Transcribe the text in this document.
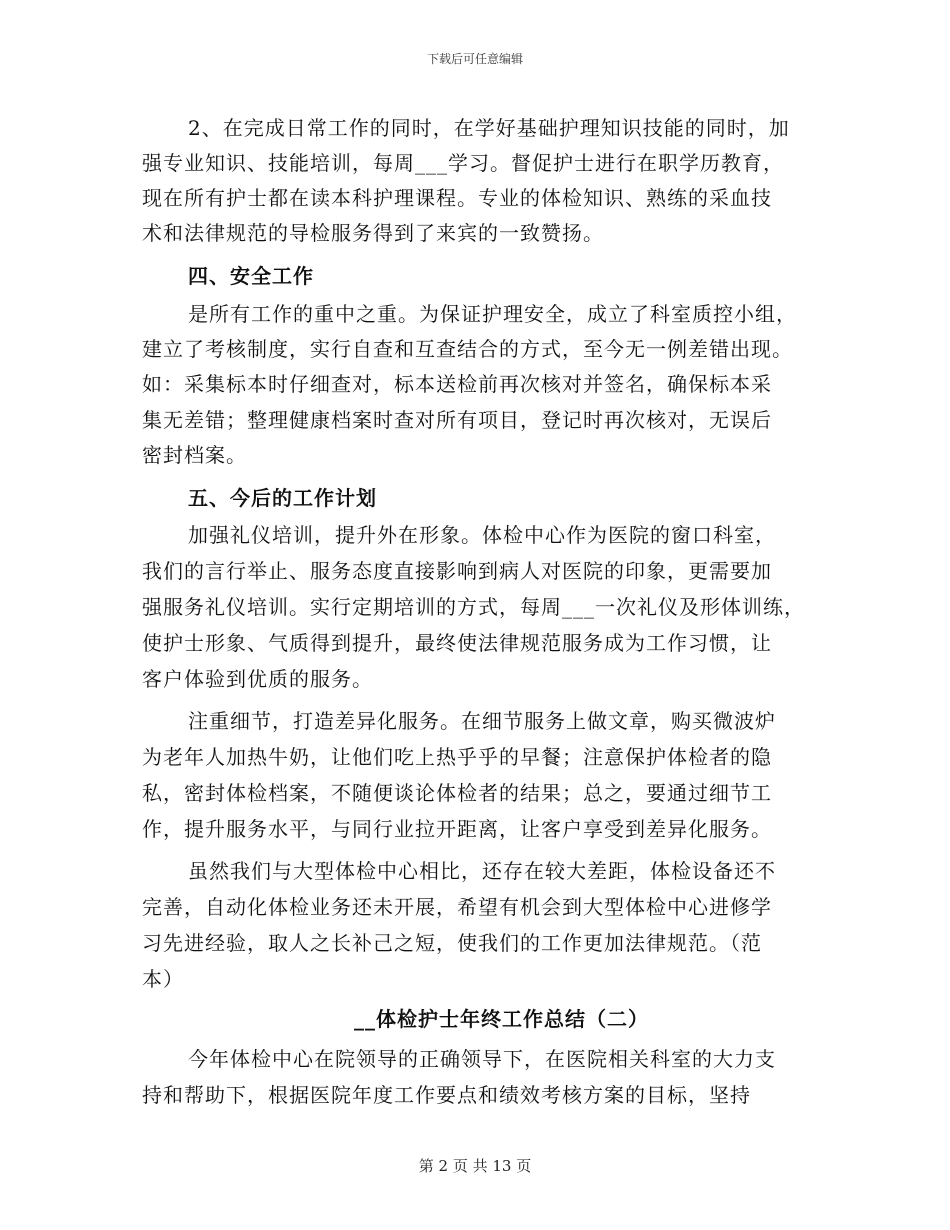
下载后可任意编辑
2、在完成日常工作的同时，在学好基础护理知识技能的同时，加
强专业知识、技能培训，每周___学习。督促护士进行在职学历教育，
现在所有护士都在读本科护理课程。专业的体检知识、熟练的采血技
术和法律规范的导检服务得到了来宾的一致赞扬。
四、安全工作
是所有工作的重中之重。为保证护理安全，成立了科室质控小组，
建立了考核制度，实行自查和互查结合的方式，至今无一例差错出现。
如：采集标本时仔细查对，标本送检前再次核对并签名，确保标本采
集无差错；整理健康档案时查对所有项目，登记时再次核对，无误后
密封档案。
五、今后的工作计划
加强礼仪培训，提升外在形象。体检中心作为医院的窗口科室，
我们的言行举止、服务态度直接影响到病人对医院的印象，更需要加
强服务礼仪培训。实行定期培训的方式，每周___一次礼仪及形体训练，
使护士形象、气质得到提升，最终使法律规范服务成为工作习惯，让
客户体验到优质的服务。
注重细节，打造差异化服务。在细节服务上做文章，购买微波炉
为老年人加热牛奶，让他们吃上热乎乎的早餐；注意保护体检者的隐
私，密封体检档案，不随便谈论体检者的结果；总之，要通过细节工
作，提升服务水平，与同行业拉开距离，让客户享受到差异化服务。
虽然我们与大型体检中心相比，还存在较大差距，体检设备还不
完善，自动化体检业务还未开展，希望有机会到大型体检中心进修学
习先进经验，取人之长补己之短，使我们的工作更加法律规范。（范
本）
__体检护士年终工作总结（二）
今年体检中心在院领导的正确领导下，在医院相关科室的大力支
持和帮助下，根据医院年度工作要点和绩效考核方案的目标，坚持
第 2 页 共 13 页
